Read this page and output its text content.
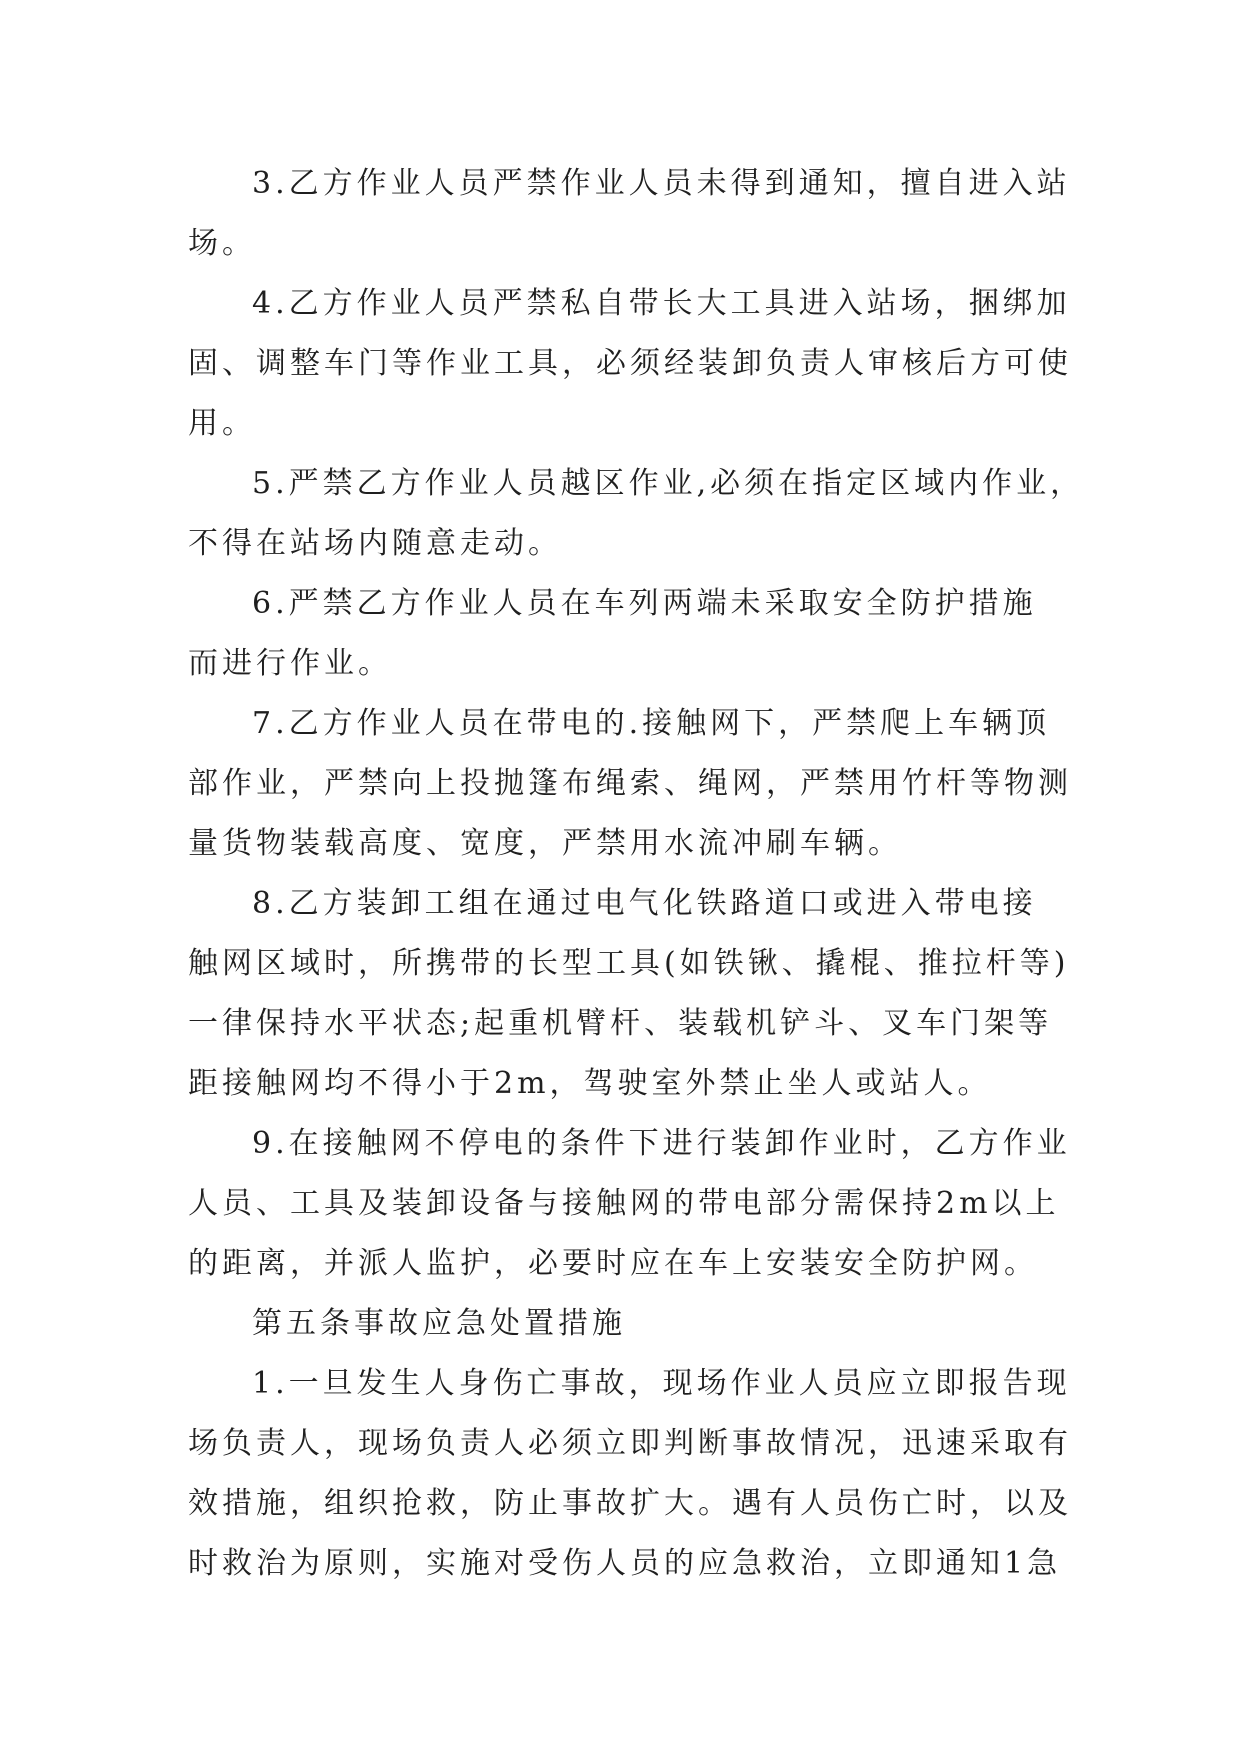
3.乙方作业人员严禁作业人员未得到通知，擅自进入站
场。
4.乙方作业人员严禁私自带长大工具进入站场，捆绑加
固、调整车门等作业工具，必须经装卸负责人审核后方可使
用。
5.严禁乙方作业人员越区作业,必须在指定区域内作业，
不得在站场内随意走动。
6.严禁乙方作业人员在车列两端未采取安全防护措施
而进行作业。
7.乙方作业人员在带电的.接触网下，严禁爬上车辆顶
部作业，严禁向上投抛篷布绳索、绳网，严禁用竹杆等物测
量货物装载高度、宽度，严禁用水流冲刷车辆。
8.乙方装卸工组在通过电气化铁路道口或进入带电接
触网区域时，所携带的长型工具(如铁锹、撬棍、推拉杆等)
一律保持水平状态;起重机臂杆、装载机铲斗、叉车门架等
距接触网均不得小于2m，驾驶室外禁止坐人或站人。
9.在接触网不停电的条件下进行装卸作业时，乙方作业
人员、工具及装卸设备与接触网的带电部分需保持2m以上
的距离，并派人监护，必要时应在车上安装安全防护网。
第五条事故应急处置措施
1.一旦发生人身伤亡事故，现场作业人员应立即报告现
场负责人，现场负责人必须立即判断事故情况，迅速采取有
效措施，组织抢救，防止事故扩大。遇有人员伤亡时，以及
时救治为原则，实施对受伤人员的应急救治，立即通知1急
